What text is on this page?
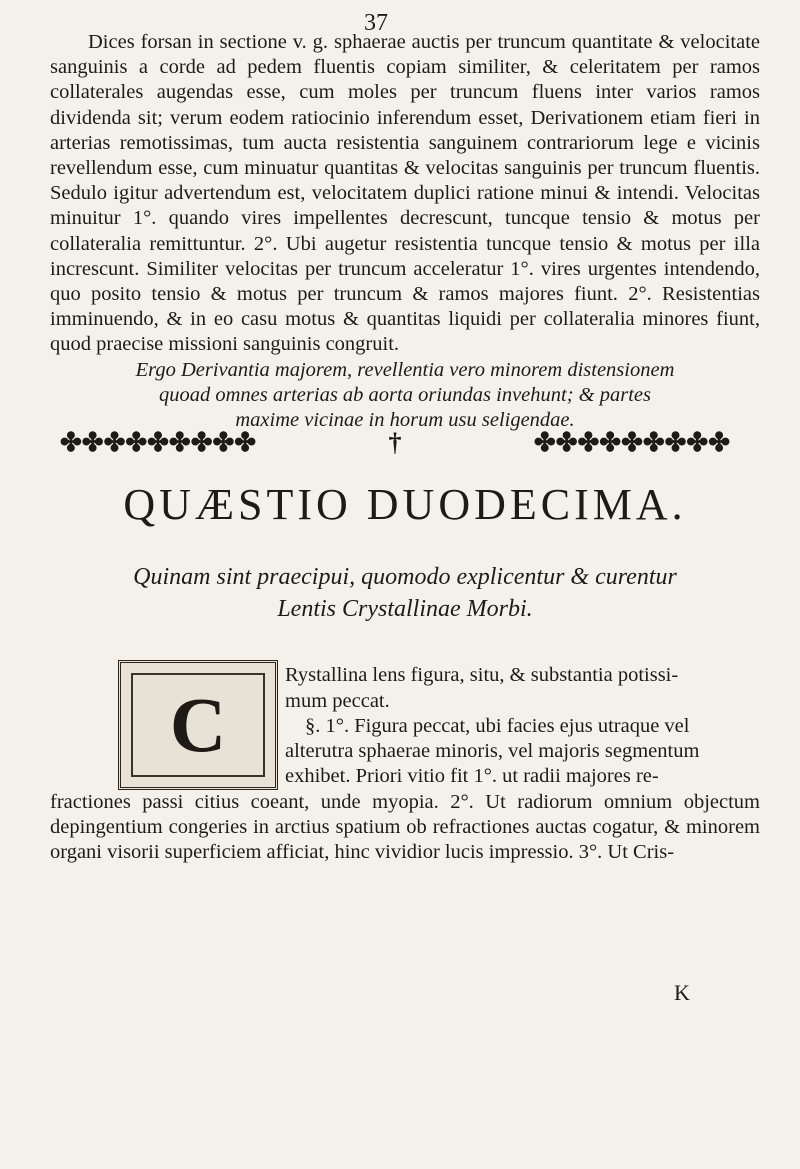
37

Dices forsan in sectione v. g. sphaerae auctis per truncum quantitate & velocitate sanguinis a corde ad pedem fluentis copiam similiter, & celeritatem per ramos collaterales augendas esse, cum moles per truncum fluens inter varios ramos dividenda sit; verum eodem ratiocinio inferendum esset, Derivationem etiam fieri in arterias remotissimas, tum aucta resistentia sanguinem contrariorum lege e vicinis revellendum esse, cum minuatur quantitas & velocitas sanguinis per truncum fluentis. Sedulo igitur advertendum est, velocitatem duplici ratione minui & intendi. Velocitas minuitur 1°. quando vires impellentes decrescunt, tuncque tensio & motus per collateralia remittuntur. 2°. Ubi augetur resistentia tuncque tensio & motus per illa increscunt. Similiter velocitas per truncum acceleratur 1°. vires urgentes intendendo, quo posito tensio & motus per truncum & ramos majores fiunt. 2°. Resistentias imminuendo, & in eo casu motus & quantitas liquidi per collateralia minores fiunt, quod praecise missioni sanguinis congruit.

Ergo Derivantia majorem, revellentia vero minorem distensionem
quoad omnes arterias ab aorta oriundas invehunt; & partes
maxime vicinae in horum usu seligendae.
✤✤✤✤✤✤✤✤✤	†	✤✤✤✤✤✤✤✤✤
QUÆSTIO DUODECIMA.
Quinam sint praecipui, quomodo explicentur & curentur
Lentis Crystallinae Morbi.
C
Rystallina lens figura, situ, & substantia potissi-
mum peccat.
§. 1°. Figura peccat, ubi facies ejus utraque vel
alterutra sphaerae minoris, vel majoris segmentum
exhibet. Priori vitio fit 1°. ut radii majores re-

fractiones passi citius coeant, unde myopia. 2°. Ut radiorum omnium objectum depingentium congeries in arctius spatium ob refractiones auctas cogatur, & minorem organi visorii superficiem afficiat, hinc vividior lucis impressio. 3°. Ut Cris-

K
